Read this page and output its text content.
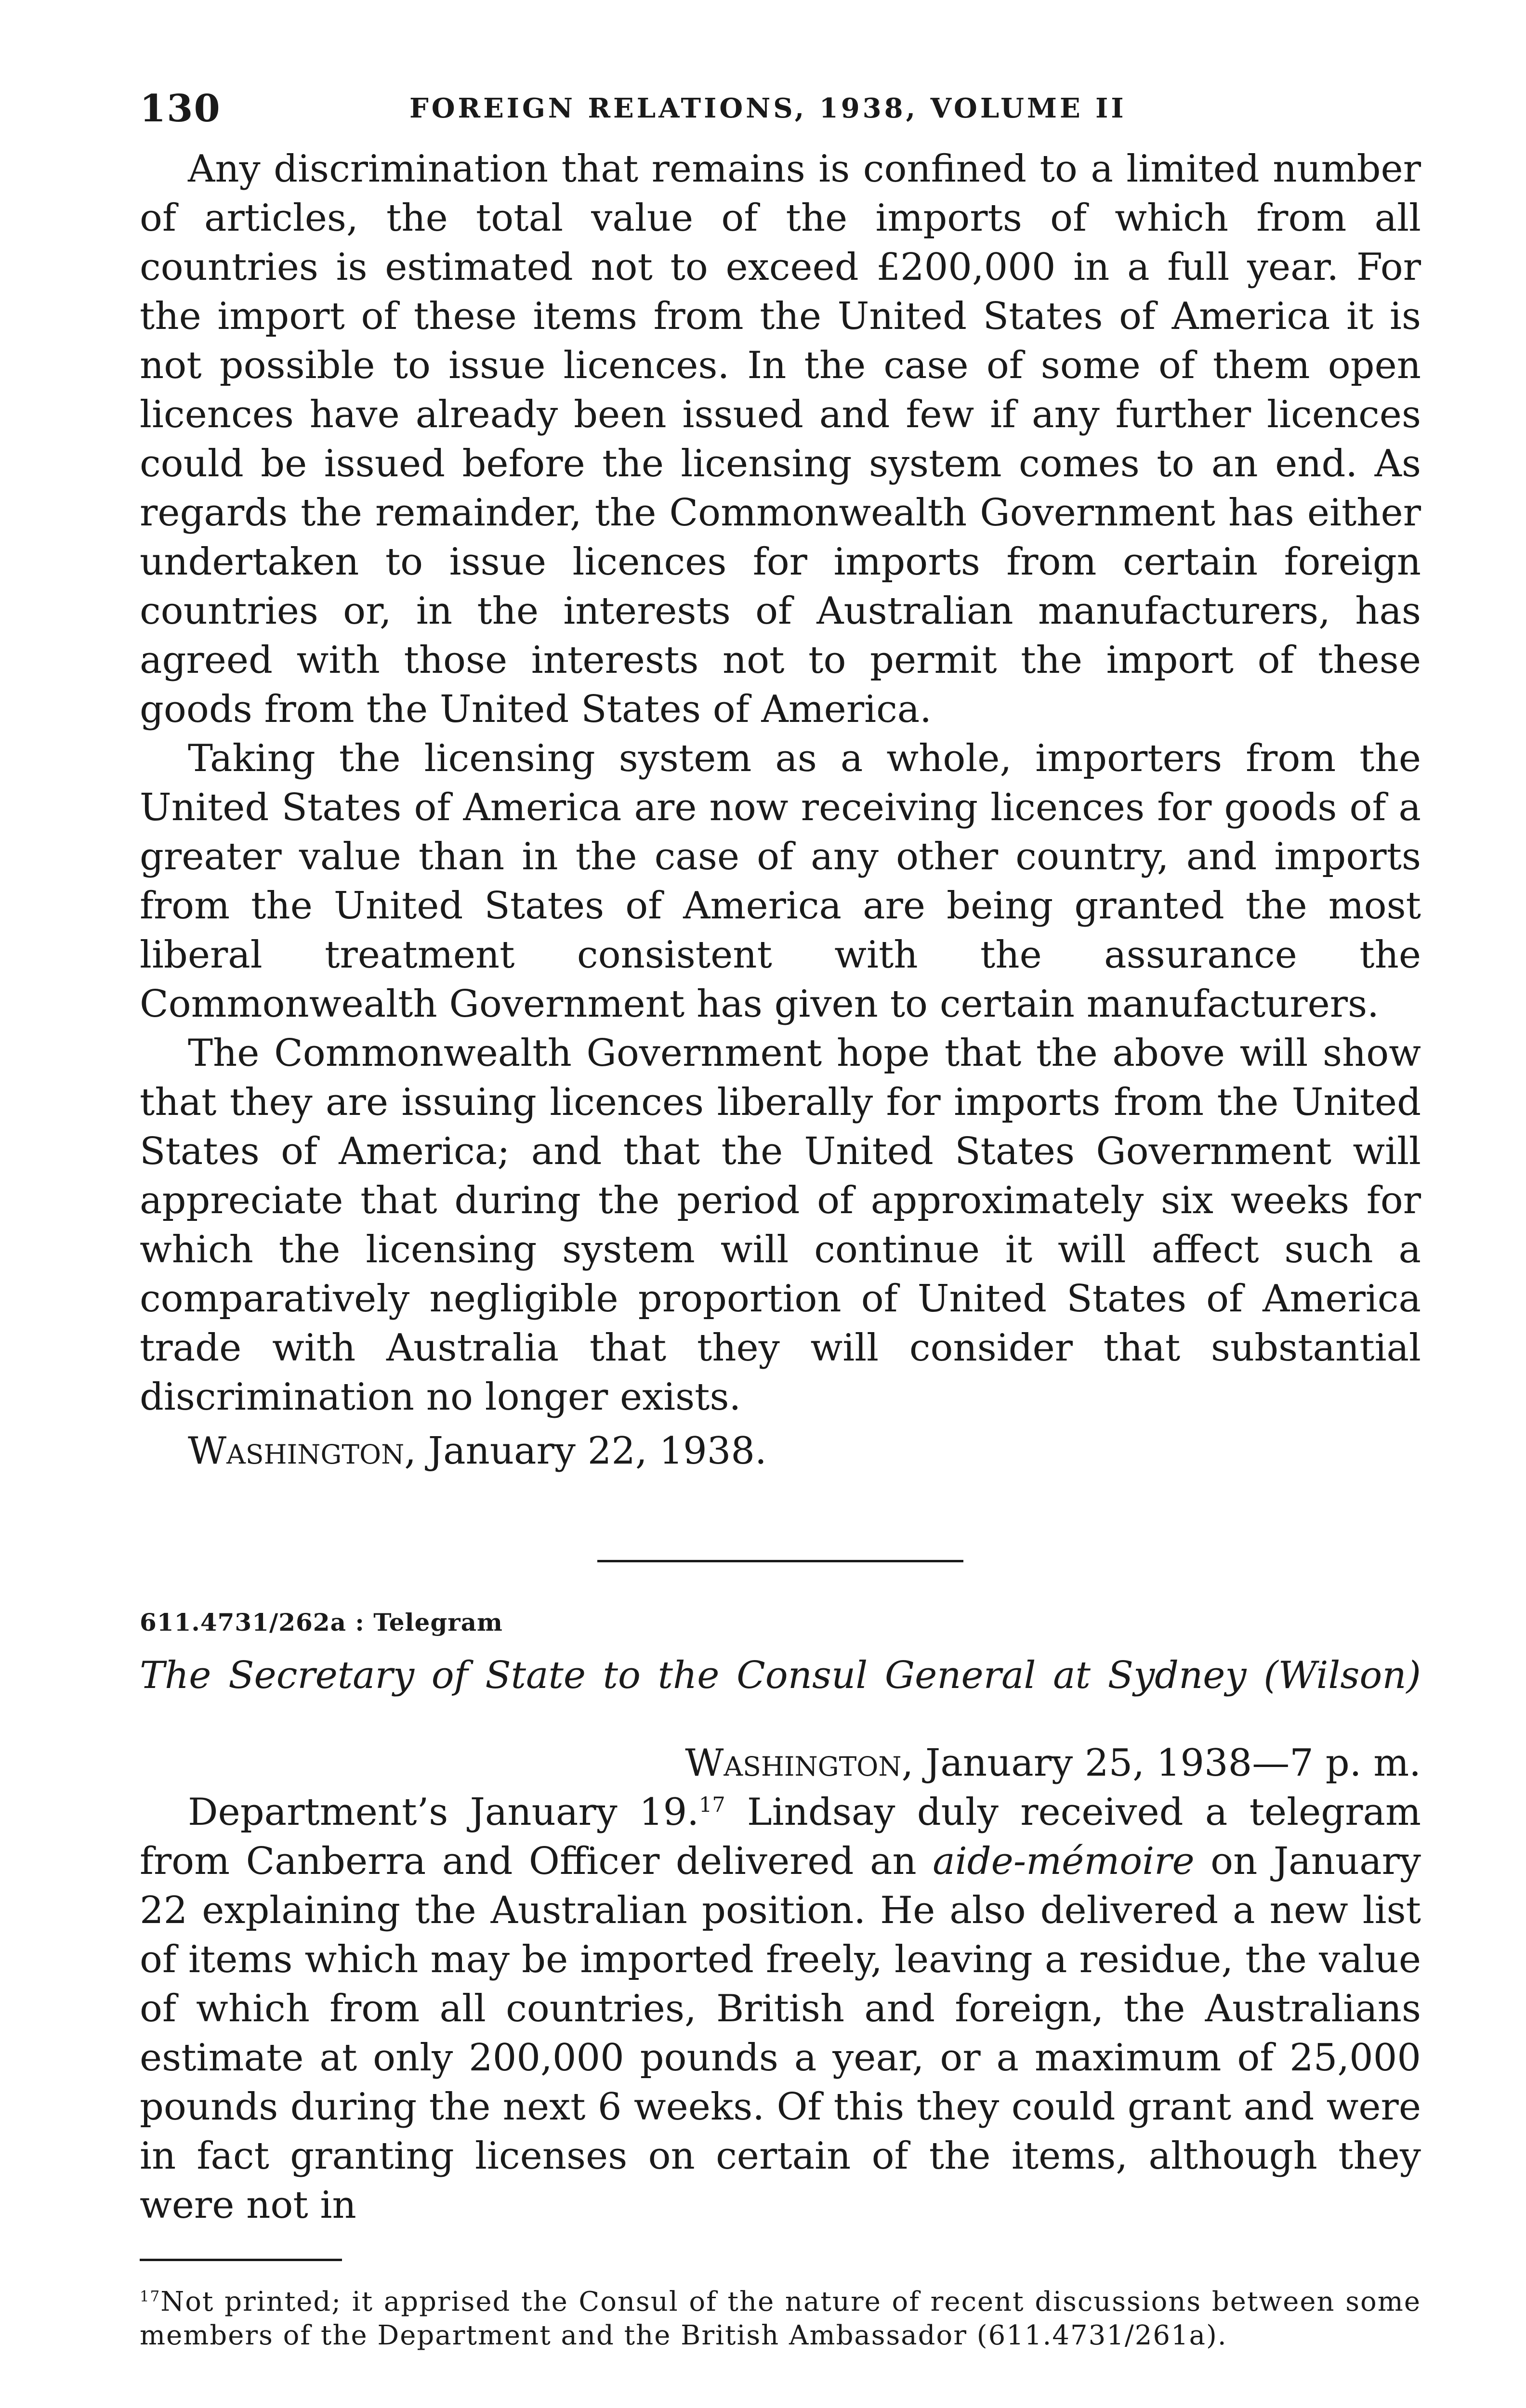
130	FOREIGN RELATIONS, 1938, VOLUME II

Any discrimination that remains is confined to a limited number of articles, the total value of the imports of which from all countries is estimated not to exceed £200,000 in a full year. For the import of these items from the United States of America it is not possible to issue licences. In the case of some of them open licences have already been issued and few if any further licences could be issued before the licensing system comes to an end. As regards the remainder, the Commonwealth Government has either undertaken to issue licences for imports from certain foreign countries or, in the interests of Australian manufacturers, has agreed with those interests not to permit the import of these goods from the United States of America.

Taking the licensing system as a whole, importers from the United States of America are now receiving licences for goods of a greater value than in the case of any other country, and imports from the United States of America are being granted the most liberal treatment consistent with the assurance the Commonwealth Government has given to certain manufacturers.

The Commonwealth Government hope that the above will show that they are issuing licences liberally for imports from the United States of America; and that the United States Government will appreciate that during the period of approximately six weeks for which the licensing system will continue it will affect such a comparatively negligible proportion of United States of America trade with Australia that they will consider that substantial discrimination no longer exists.

Washington, January 22, 1938.

611.4731/262a : Telegram
The Secretary of State to the Consul General at Sydney (Wilson)
Washington, January 25, 1938—7 p. m.

Department’s January 19.17 Lindsay duly received a telegram from Canberra and Officer delivered an aide-mémoire on January 22 explaining the Australian position. He also delivered a new list of items which may be imported freely, leaving a residue, the value of which from all countries, British and foreign, the Australians estimate at only 200,000 pounds a year, or a maximum of 25,000 pounds during the next 6 weeks. Of this they could grant and were in fact granting licenses on certain of the items, although they were not in

$^{17}$Not printed; it apprised the Consul of the nature of recent discussions between some members of the Department and the British Ambassador (611.4731/261a).
